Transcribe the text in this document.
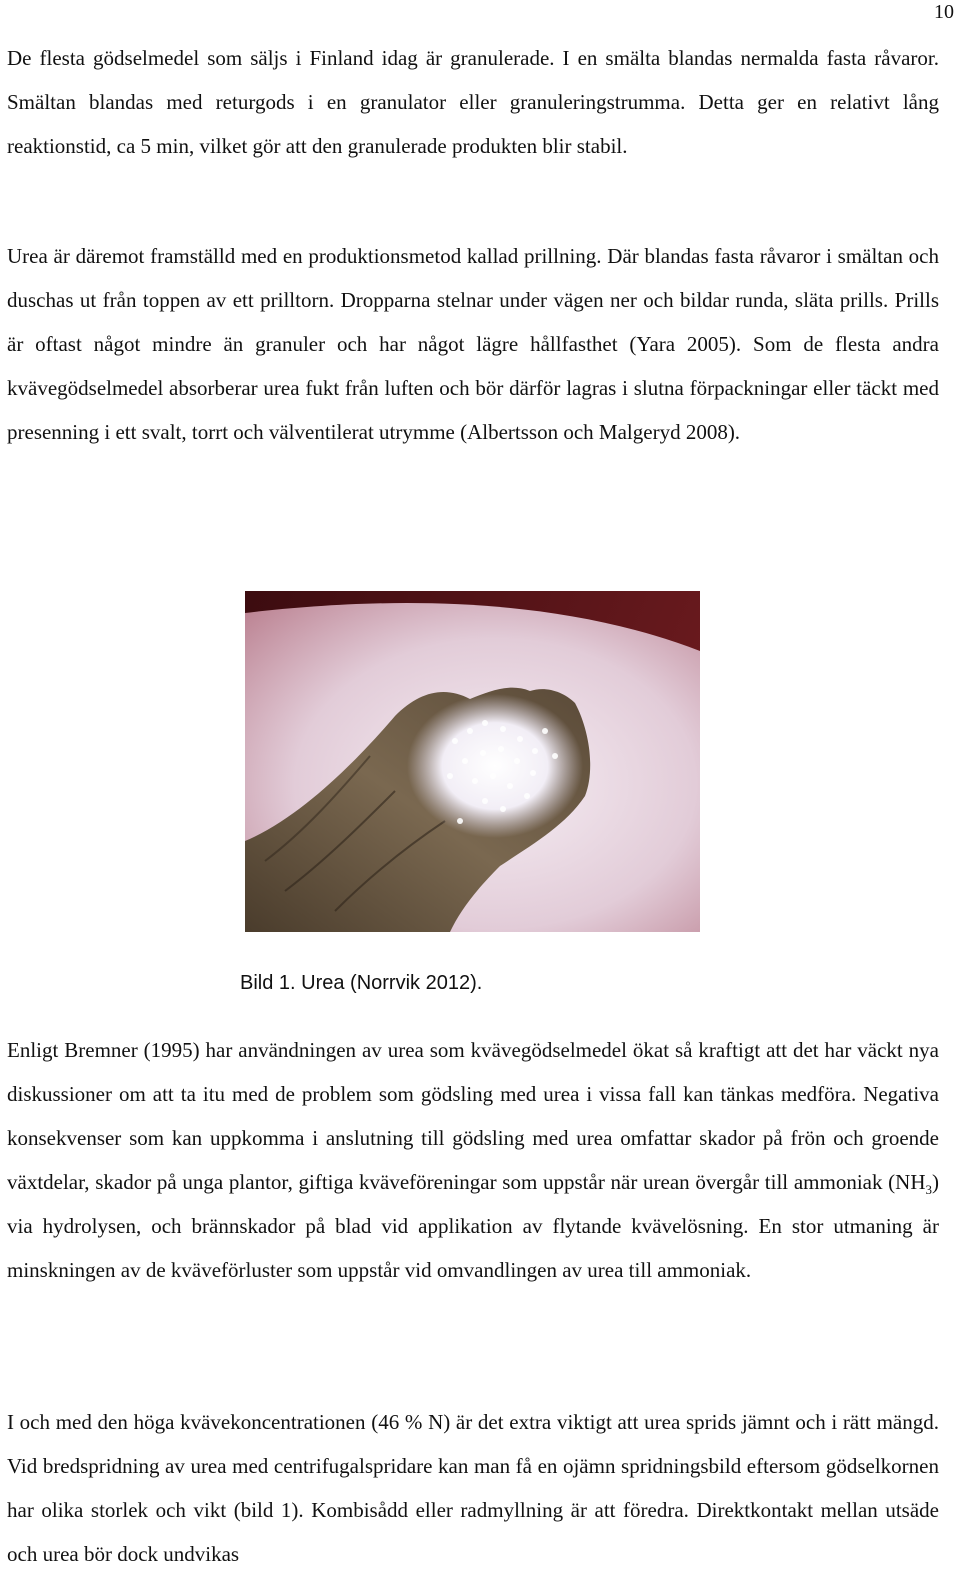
10

De flesta gödselmedel som säljs i Finland idag är granulerade. I en smälta blandas nermalda fasta råvaror. Smältan blandas med returgods i en granulator eller granuleringstrumma. Detta ger en relativt lång reaktionstid, ca 5 min, vilket gör att den granulerade produkten blir stabil.

Urea är däremot framställd med en produktionsmetod kallad prillning. Där blandas fasta råvaror i smältan och duschas ut från toppen av ett prilltorn. Dropparna stelnar under vägen ner och bildar runda, släta prills. Prills är oftast något mindre än granuler och har något lägre hållfasthet (Yara 2005). Som de flesta andra kvävegödselmedel absorberar urea fukt från luften och bör därför lagras i slutna förpackningar eller täckt med presenning i ett svalt, torrt och välventilerat utrymme (Albertsson och Malgeryd 2008).

Bild 1. Urea (Norrvik 2012).

Enligt Bremner (1995) har användningen av urea som kvävegödselmedel ökat så kraftigt att det har väckt nya diskussioner om att ta itu med de problem som gödsling med urea i vissa fall kan tänkas medföra. Negativa konsekvenser som kan uppkomma i anslutning till gödsling med urea omfattar skador på frön och groende växtdelar, skador på unga plantor, giftiga kväveföreningar som uppstår när urean övergår till ammoniak $(NH_3)$ via hydrolysen, och brännskador på blad vid applikation av flytande kvävelösning. En stor utmaning är minskningen av de kväveförluster som uppstår vid omvandlingen av urea till ammoniak.

I och med den höga kvävekoncentrationen (46 % N) är det extra viktigt att urea sprids jämnt och i rätt mängd. Vid bredspridning av urea med centrifugalspridare kan man få en ojämn spridningsbild eftersom gödselkornen har olika storlek och vikt (bild 1). Kombisådd eller radmyllning är att föredra. Direktkontakt mellan utsäde och urea bör dock undvikas
